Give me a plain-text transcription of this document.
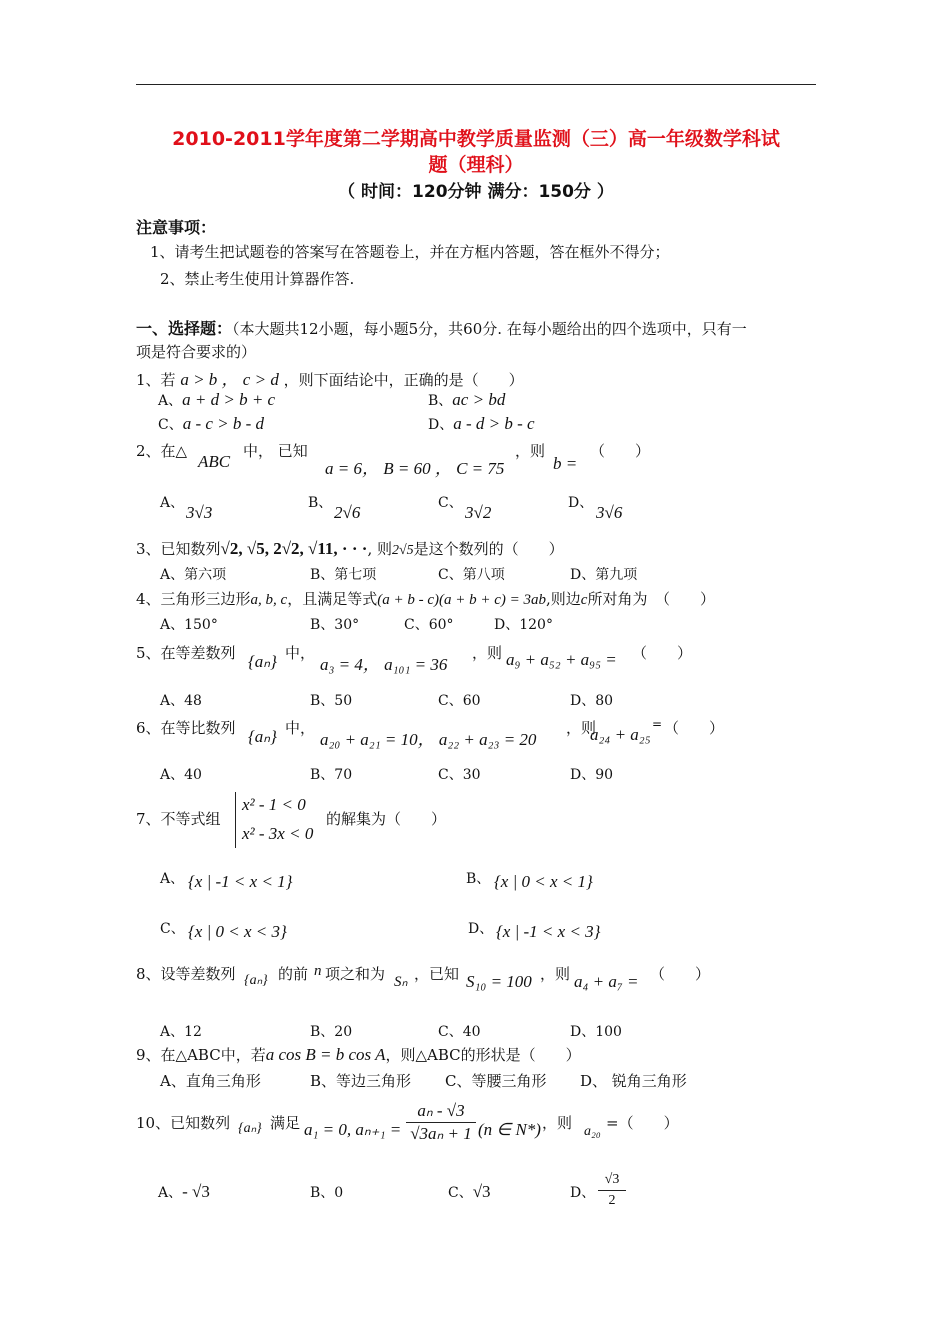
2010-2011学年度第二学期高中教学质量监测（三）高一年级数学科试
题（理科）
（ 时间：120分钟 满分：150分 ）
注意事项：
1、请考生把试题卷的答案写在答题卷上，并在方框内答题，答在框外不得分；
2、禁止考生使用计算器作答.
一、选择题：（本大题共12小题，每小题5分，共60分. 在每小题给出的四个选项中，只有一
项是符合要求的）
1、若 a > b ， c > d ，则下面结论中，正确的是（　　）
A、a + d > b + c	B、ac > bd
C、a - c > b - d	D、a - d > b - c
2、在△
ABC
中， 已知
a = 6， B = 60 ， C = 75
，则
b =
（　　）
A、 3√3	B、 2√6	C、 3√2	D、 3√6
3、已知数列√2, √5, 2√2, √11, · · ·, 则2√5是这个数列的（　　）
A、第六项	B、第七项	C、第八项	D、第九项
4、三角形三边形a, b, c，且满足等式(a + b - c)(a + b + c) = 3ab,则边c所对角为　（　　）
A、150°	B、30°	C、60°	D、120°
5、在等差数列 {aₙ} 中，
a₃ = 4， a₁₀₁ = 36
，则 a₉ + a₅₂ + a₉₅ = （　　）
A、48	B、50	C、60	D、80
6、在等比数列 {aₙ} 中，
a₂₀ + a₂₁ = 10， a₂₂ + a₂₃ = 20
，则
a₂₄ + a₂₅
= （　　）
A、40	B、70	C、30	D、90
7、不等式组
x² - 1 < 0
x² - 3x < 0
的解集为（　　）
A、 {x | -1 < x < 1}	B、 {x | 0 < x < 1}
C、 {x | 0 < x < 3}	D、 {x | -1 < x < 3}
8、设等差数列 {aₙ} 的前 n 项之和为 Sₙ ，已知 S₁₀ = 100 ，则 a₄ + a₇ = （　　）
A、12	B、20	C、40	D、100
9、在△ABC中，若a cos B = b cos A，则△ABC的形状是（　　）
A、直角三角形	B、等边三角形 C、等腰三角形 D、 锐角三角形
10、已知数列 {aₙ} 满足 a₁ = 0, $a_{n+1} = \frac{\text{aₙ - √3}}{\text{√3aₙ + 1}} (n$ ∈ N*) ，则 a₂₀ =（　　）
A、- √3	B、0	C、√3	D、 $\frac{√3}{2}$
